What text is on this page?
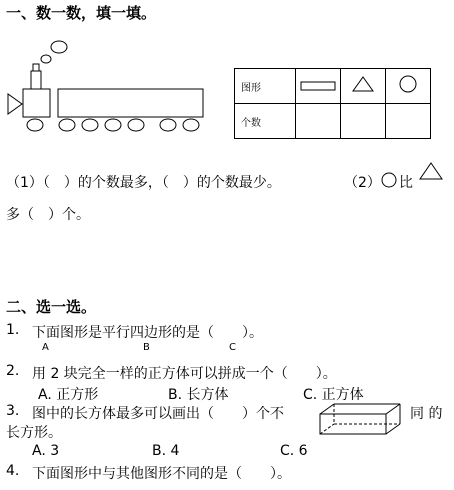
一、数一数，填一填。
图形			
个数			
（1）（　）的个数最多，（　）的个数最少。	（2） 比
多（　）个。
二、选一选。
1. 下面图形是平行四边形的是（　　）。
A	B	C
2. 用 2 块完全一样的正方体可以拼成一个（　　）。
A. 正方形	B. 长方体	C. 正方体
3. 图中的长方体最多可以画出（　　）个不	同 的
长方形。
A. 3	B. 4	C. 6
4. 下面图形中与其他图形不同的是（　　）。
